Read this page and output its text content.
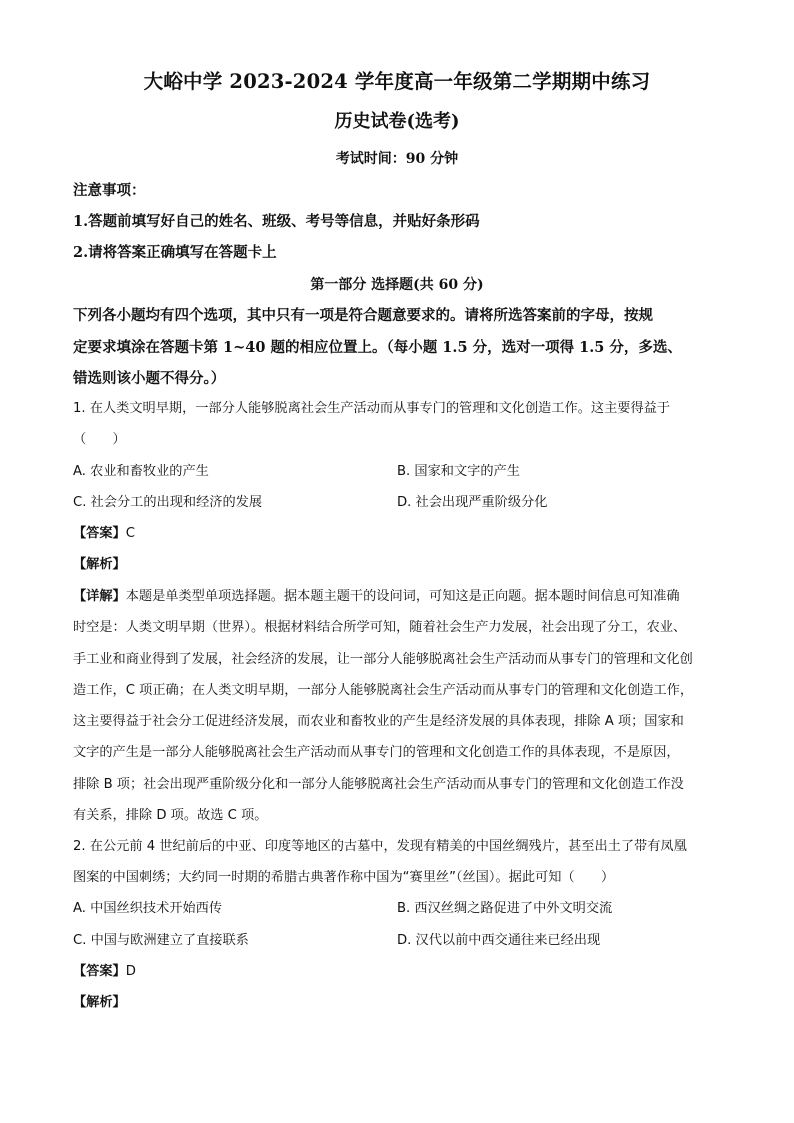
大峪中学 2023-2024 学年度高一年级第二学期期中练习
历史试卷(选考)
考试时间：90 分钟
注意事项：
1.答题前填写好自己的姓名、班级、考号等信息，并贴好条形码
2.请将答案正确填写在答题卡上
第一部分 选择题(共 60 分)
下列各小题均有四个选项，其中只有一项是符合题意要求的。请将所选答案前的字母，按规
定要求填涂在答题卡第 1~40 题的相应位置上。（每小题 1.5 分，选对一项得 1.5 分，多选、
错选则该小题不得分。）
1. 在人类文明早期，一部分人能够脱离社会生产活动而从事专门的管理和文化创造工作。这主要得益于
（　　）
A. 农业和畜牧业的产生	B. 国家和文字的产生
C. 社会分工的出现和经济的发展	D. 社会出现严重阶级分化
【答案】C
【解析】
【详解】本题是单类型单项选择题。据本题主题干的设问词，可知这是正向题。据本题时间信息可知准确
时空是：人类文明早期（世界）。根据材料结合所学可知，随着社会生产力发展，社会出现了分工，农业、
手工业和商业得到了发展，社会经济的发展，让一部分人能够脱离社会生产活动而从事专门的管理和文化创
造工作，C 项正确；在人类文明早期，一部分人能够脱离社会生产活动而从事专门的管理和文化创造工作，
这主要得益于社会分工促进经济发展，而农业和畜牧业的产生是经济发展的具体表现，排除 A 项；国家和
文字的产生是一部分人能够脱离社会生产活动而从事专门的管理和文化创造工作的具体表现，不是原因，
排除 B 项；社会出现严重阶级分化和一部分人能够脱离社会生产活动而从事专门的管理和文化创造工作没
有关系，排除 D 项。故选 C 项。
2. 在公元前 4 世纪前后的中亚、印度等地区的古墓中，发现有精美的中国丝绸残片，甚至出土了带有凤凰
图案的中国刺绣；大约同一时期的希腊古典著作称中国为“赛里丝”（丝国）。据此可知（　　）
A. 中国丝织技术开始西传	B. 西汉丝绸之路促进了中外文明交流
C. 中国与欧洲建立了直接联系	D. 汉代以前中西交通往来已经出现
【答案】D
【解析】
